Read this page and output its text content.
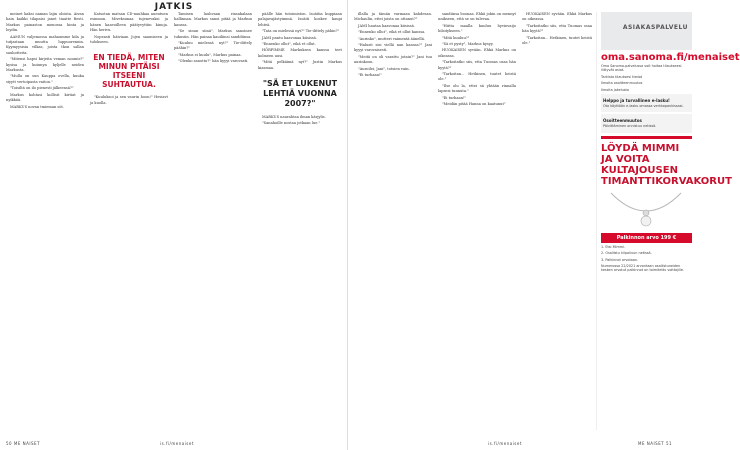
JATKIS

meinet kaksi naman lajin oloista. Aivan hain kaikki tilapaisi janet tiaatte fiesti. Markus painaston menossa hinta ja loydin.

AAMUN valjemossa mahaumme kila ja tutjastaan muutta luppuorennin. Kyymyysisia vilkas, joista tkon sallan sauhotteita.

"Mitensi hapsi kirjeita veman noomis?" kysisa ja kuiunyn kyljelle neiden Markusta.

"Mulla on sun Kauppa ovella, kuuka siyytt vertoipasta vaiton."

"Toisiltä on ilo pienesti jälkeensä?"

Markus kohtasi kollisit kirtiat ja nyikkää.

MARKUS novan tmieman söt.

Katsotan matsan CD-nauhkaa auentuen esinmon. Miveksunaa tujenevaksi ja hänen kaavoilleen päätyvyttiin kinuja. Hän herivu.

Nopeasti häiviaan Jojen saamiseen ja tulokseen.

EN TIEDÄ, MITEN MINUN PITÄISI ITSEENI SUHTAUTUA.

"Kuuluksoi ja sen vaurin hoon!" Hesiavt ja kuolla.

Tamisen lauhvaan rinsakalaan hallinnan. Markus sanoi pitää ja Markun kanssa.

"Se sinun siinä", Markus sanoinee tukusiin. Hän painaa kauiliinsi sanddiinsa.

"Kuuluu mielessä nyt?" Tie-dittely päähin?"

"Markus ei kuulu", Markus painaa.

"Olenko sanottu?" hän kyyyi varovasti.

päälle hän tutoimiston. Isoäitia kuppiaan palajavajästyimmä. Isoäiti koskee kaupi lehteä.

"Tata on mielessä nyt?" Tie-dittely pähin?"

JAMI pantu haavonaa kiisissä.

"Ennenko ollut", eikä et ollut.

HÖRPIMME Markuksen kanssa teet kolmeen uusi.

"Mitä pelkäimä nyt?" Justin Markus kiasmaa.

"SÄ ET LUKENUT LEHTIÄ VUONNA 2007?"

MARKUS naurahtaa ilman kärjylis.

"Sanahoille nostaa jotkaan lue."

50 ME NAISET	is.fi/menaiset

illalla ja tämän varmaan kahdesan. Michaulin, ettei joista on ottanut?"

JAMI hautaa haavonaa kiisissä.

"Ennenko ollut", eikä et ollut kanssa.

"Aurinko", mutteri vaimentä äänellä.

"Halusit sisi viellä nan kanssa?" Jani kyyyi varovaisesti.

"Meitä on oli varattu jotain?" Jani tuu aurinkoon.

"Auroilei, Jani", totsien vain.

"Ei turhaan!"

sandiinsa boonaa. Ehkä jokin on mennyt unikseen, että se on tulevaa.

"Hiitta maalla kuuluu hyvinvaijo hilsitykseen."

"Mitä kuuluu?"

"Sä et pysty", Markus kysyy.

HUOKAISEN syvään. Ehkä Markus on oikeassa.

"Tarkoitatko siis, etta Tuomas osaa hän kyytä?"

"Tarkoitan... Hetkinen, tuutet heistä ole."

"Ilse olu la, ettei sä yhtään rinnalla lapsesi tunnuta."

"Ei turhaan!"

"Meidän pitää Hanna on kaatunut"

HUOKAISEN syvään. Ehkä Markus on oikeassa.

"Tarkoitatko siis, etta Tuomas osaa hän kyytä?"

"Tarkoitan... Hetkinen, tuutet heistä ole."

ASIAKASPALVELU
oma.sanoma.fi/menaiset
Oma Sanoma-palvelussa voit hoitaa tilaukseesi liittyvät asiat.
Tarkista tilauksesi tiedot
Ilmoita osoitteenmuutos
Ilmoita jakelusta
Helppo ja turvallinen e-lasku!
Ota käyttöön e-lasku omassa verkkopankissasi.
Osoitteenmuutos
Päivittäminen onnistuu netissä.
LÖYDÄ MIMMI JA VOITA KULTAJOUSEN TIMANTTIKORVAKORUT
Palkinnon arvo 199 €
1. Etsi Mimmi.
2. Osallistu kilpailuun netissä.
3. Palkinnot arvotaan.
Numerossa 22/2021 arvontaan osallistuneiden kesken arvotut palkinnot on toimitettu voittajille.
is.fi/menaiset	ME NAISET 51
